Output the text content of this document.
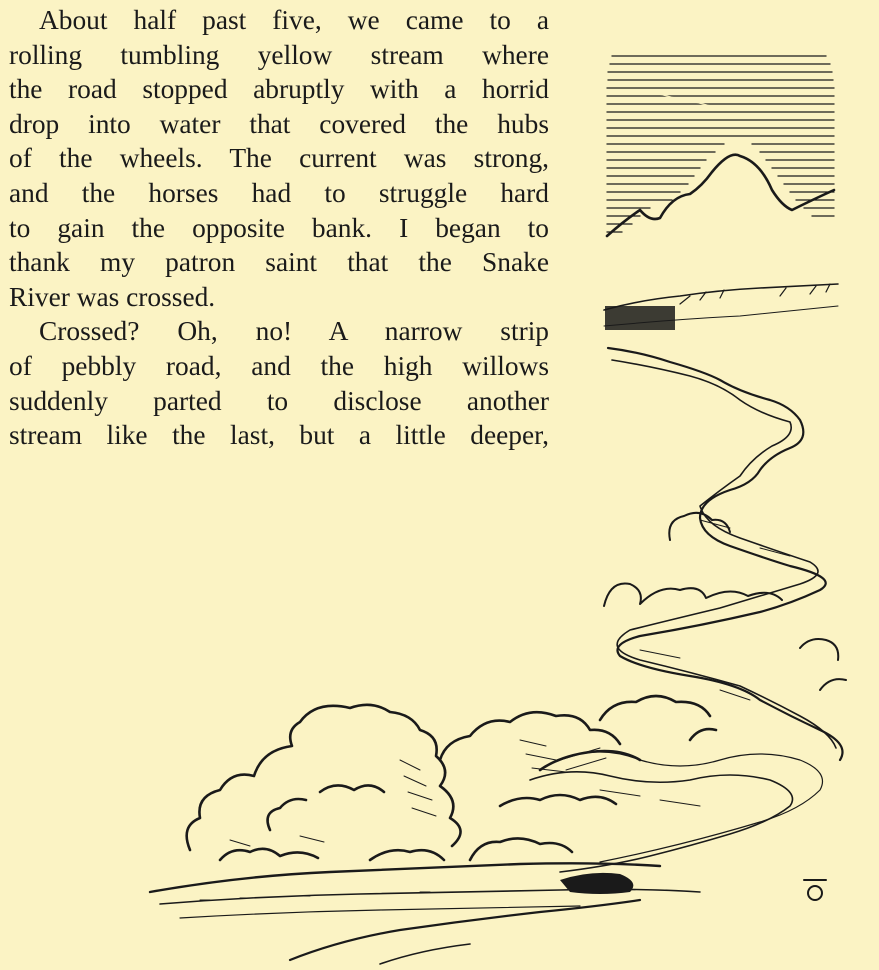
About half past five, we came to a
rolling tumbling yellow stream where
the road stopped abruptly with a horrid
drop into water that covered the hubs
of the wheels. The current was strong,
and the horses had to struggle hard
to gain the opposite bank. I began to
thank my patron saint that the Snake
River was crossed.
Crossed? Oh, no! A narrow strip
of pebbly road, and the high willows
suddenly parted to disclose another
stream like the last, but a little deeper,
